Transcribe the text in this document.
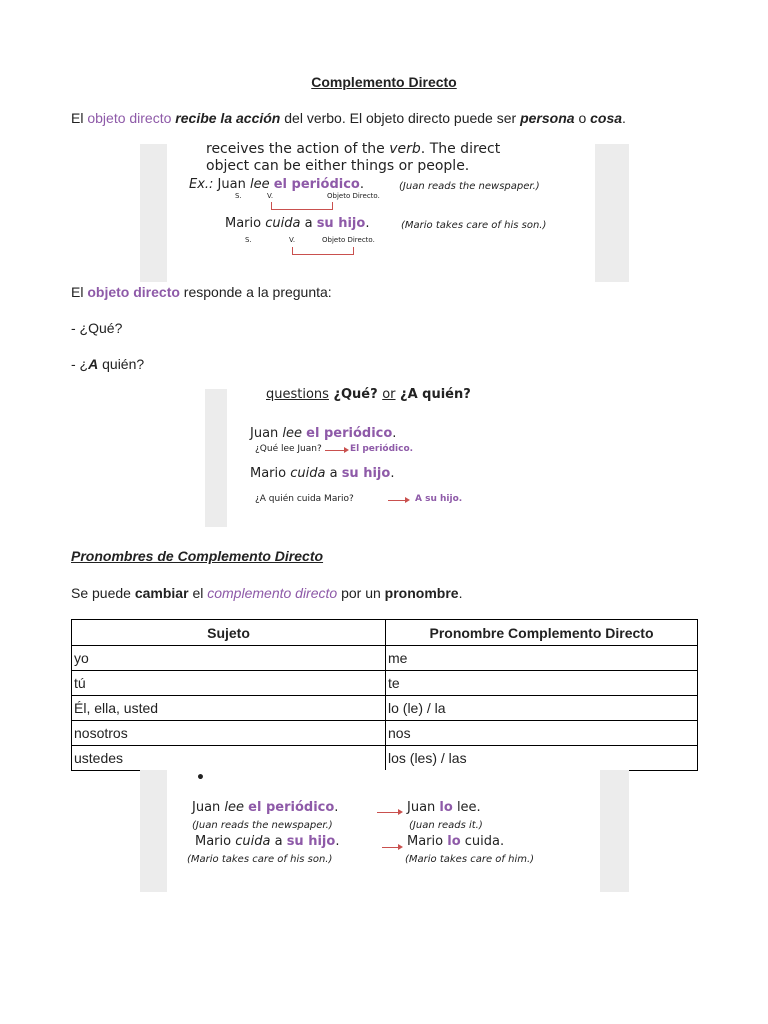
Complemento Directo
El objeto directo recibe la acción del verbo. El objeto directo puede ser persona o cosa.
receives the action of the verb. The direct
object can be either things or people.
Ex.: Juan lee el periódico.	(Juan reads the newspaper.)
S.	V.	Objeto Directo.
Mario cuida a su hijo.	(Mario takes care of his son.)
S.	V.	Objeto Directo.
El objeto directo responde a la pregunta:
- ¿Qué?
- ¿A quién?
questions ¿Qué? or ¿A quién?
Juan lee el periódico.
¿Qué lee Juan?	El periódico.
Mario cuida a su hijo.
¿A quién cuida Mario?	A su hijo.
Pronombres de Complemento Directo
Se puede cambiar el complemento directo por un pronombre.
Sujeto	Pronombre Complemento Directo
yo	me
tú	te
Él, ella, usted	lo (le) / la
nosotros	nos
ustedes	los (les) / las
•
Juan lee el periódico.	Juan lo lee.
(Juan reads the newspaper.)	(Juan reads it.)
Mario cuida a su hijo.	Mario lo cuida.
(Mario takes care of his son.)	(Mario takes care of him.)
